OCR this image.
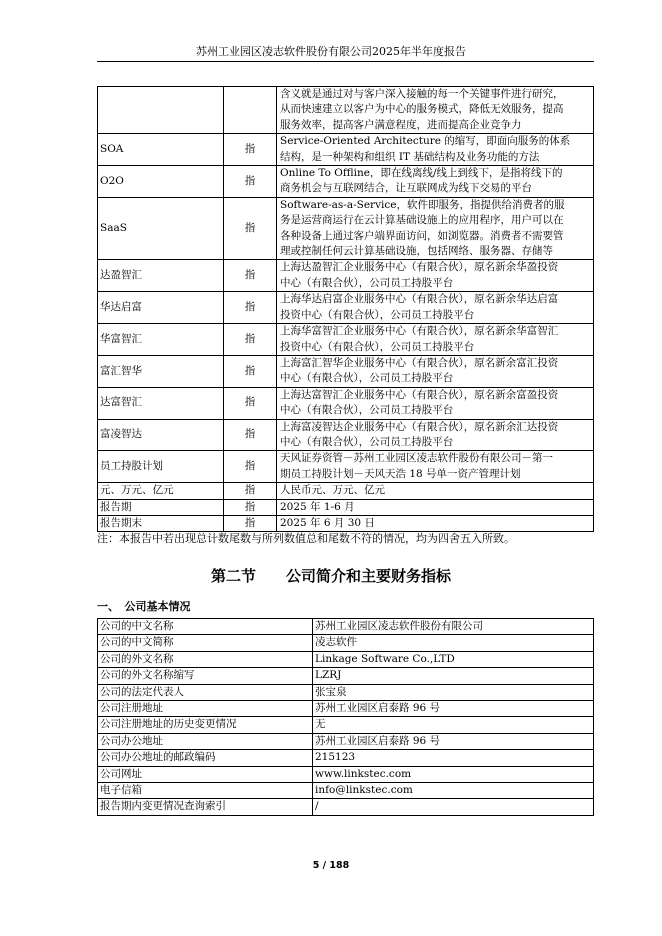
苏州工业园区凌志软件股份有限公司2025年半年度报告

		含义就是通过对与客户深入接触的每一个关键事件进行研究，
从而快速建立以客户为中心的服务模式，降低无效服务，提高
服务效率，提高客户满意程度，进而提高企业竞争力

SOA	指	Service-Oriented Architecture 的缩写，即面向服务的体系
结构，是一种架构和组织 IT 基础结构及业务功能的方法

O2O	指	Online To Offline，即在线离线/线上到线下，是指将线下的
商务机会与互联网结合，让互联网成为线下交易的平台

SaaS	指	Software-as-a-Service，软件即服务，指提供给消费者的服
务是运营商运行在云计算基础设施上的应用程序，用户可以在
各种设备上通过客户端界面访问，如浏览器。消费者不需要管
理或控制任何云计算基础设施，包括网络、服务器、存储等

达盈智汇	指	上海达盈智汇企业服务中心（有限合伙），原名新余华盈投资
中心（有限合伙），公司员工持股平台

华达启富	指	上海华达启富企业服务中心（有限合伙），原名新余华达启富
投资中心（有限合伙），公司员工持股平台

华富智汇	指	上海华富智汇企业服务中心（有限合伙），原名新余华富智汇
投资中心（有限合伙），公司员工持股平台

富汇智华	指	上海富汇智华企业服务中心（有限合伙），原名新余富汇投资
中心（有限合伙），公司员工持股平台

达富智汇	指	上海达富智汇企业服务中心（有限合伙），原名新余富盈投资
中心（有限合伙），公司员工持股平台

富凌智达	指	上海富凌智达企业服务中心（有限合伙），原名新余汇达投资
中心（有限合伙），公司员工持股平台

员工持股计划	指	天风证券资管－苏州工业园区凌志软件股份有限公司－第一
期员工持股计划－天风天浩 18 号单一资产管理计划

元、万元、亿元	指	人民币元、万元、亿元

报告期	指	2025 年 1-6 月

报告期末	指	2025 年 6 月 30 日
注：本报告中若出现总计数尾数与所列数值总和尾数不符的情况，均为四舍五入所致。
第二节　　公司简介和主要财务指标
一、　公司基本情况
公司的中文名称	苏州工业园区凌志软件股份有限公司
公司的中文简称	凌志软件
公司的外文名称	Linkage Software Co.,LTD
公司的外文名称缩写	LZRJ
公司的法定代表人	张宝泉
公司注册地址	苏州工业园区启泰路 96 号
公司注册地址的历史变更情况	无
公司办公地址	苏州工业园区启泰路 96 号
公司办公地址的邮政编码	215123
公司网址	www.linkstec.com
电子信箱	info@linkstec.com
报告期内变更情况查询索引	/
5 / 188
